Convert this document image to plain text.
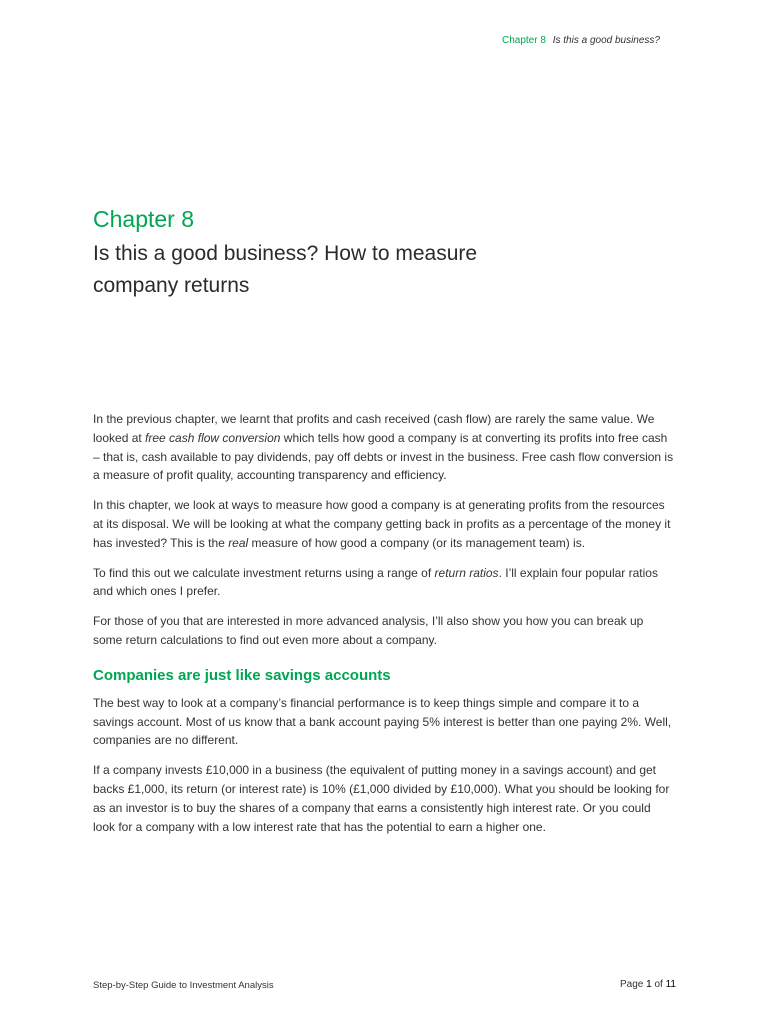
Chapter 8 Is this a good business?
Chapter 8
Is this a good business? How to measure
company returns

In the previous chapter, we learnt that profits and cash received (cash flow) are rarely the same value. We looked at free cash flow conversion which tells how good a company is at converting its profits into free cash – that is, cash available to pay dividends, pay off debts or invest in the business. Free cash flow conversion is a measure of profit quality, accounting transparency and efficiency.

In this chapter, we look at ways to measure how good a company is at generating profits from the resources at its disposal. We will be looking at what the company getting back in profits as a percentage of the money it has invested? This is the real measure of how good a company (or its management team) is.

To find this out we calculate investment returns using a range of return ratios. I’ll explain four popular ratios and which ones I prefer.

For those of you that are interested in more advanced analysis, I’ll also show you how you can break up some return calculations to find out even more about a company.

Companies are just like savings accounts

The best way to look at a company’s financial performance is to keep things simple and compare it to a savings account. Most of us know that a bank account paying 5% interest is better than one paying 2%. Well, companies are no different.

If a company invests £10,000 in a business (the equivalent of putting money in a savings account) and get backs £1,000, its return (or interest rate) is 10% (£1,000 divided by £10,000). What you should be looking for as an investor is to buy the shares of a company that earns a consistently high interest rate. Or you could look for a company with a low interest rate that has the potential to earn a higher one.

Step-by-Step Guide to Investment Analysis	Page 1 of 11
